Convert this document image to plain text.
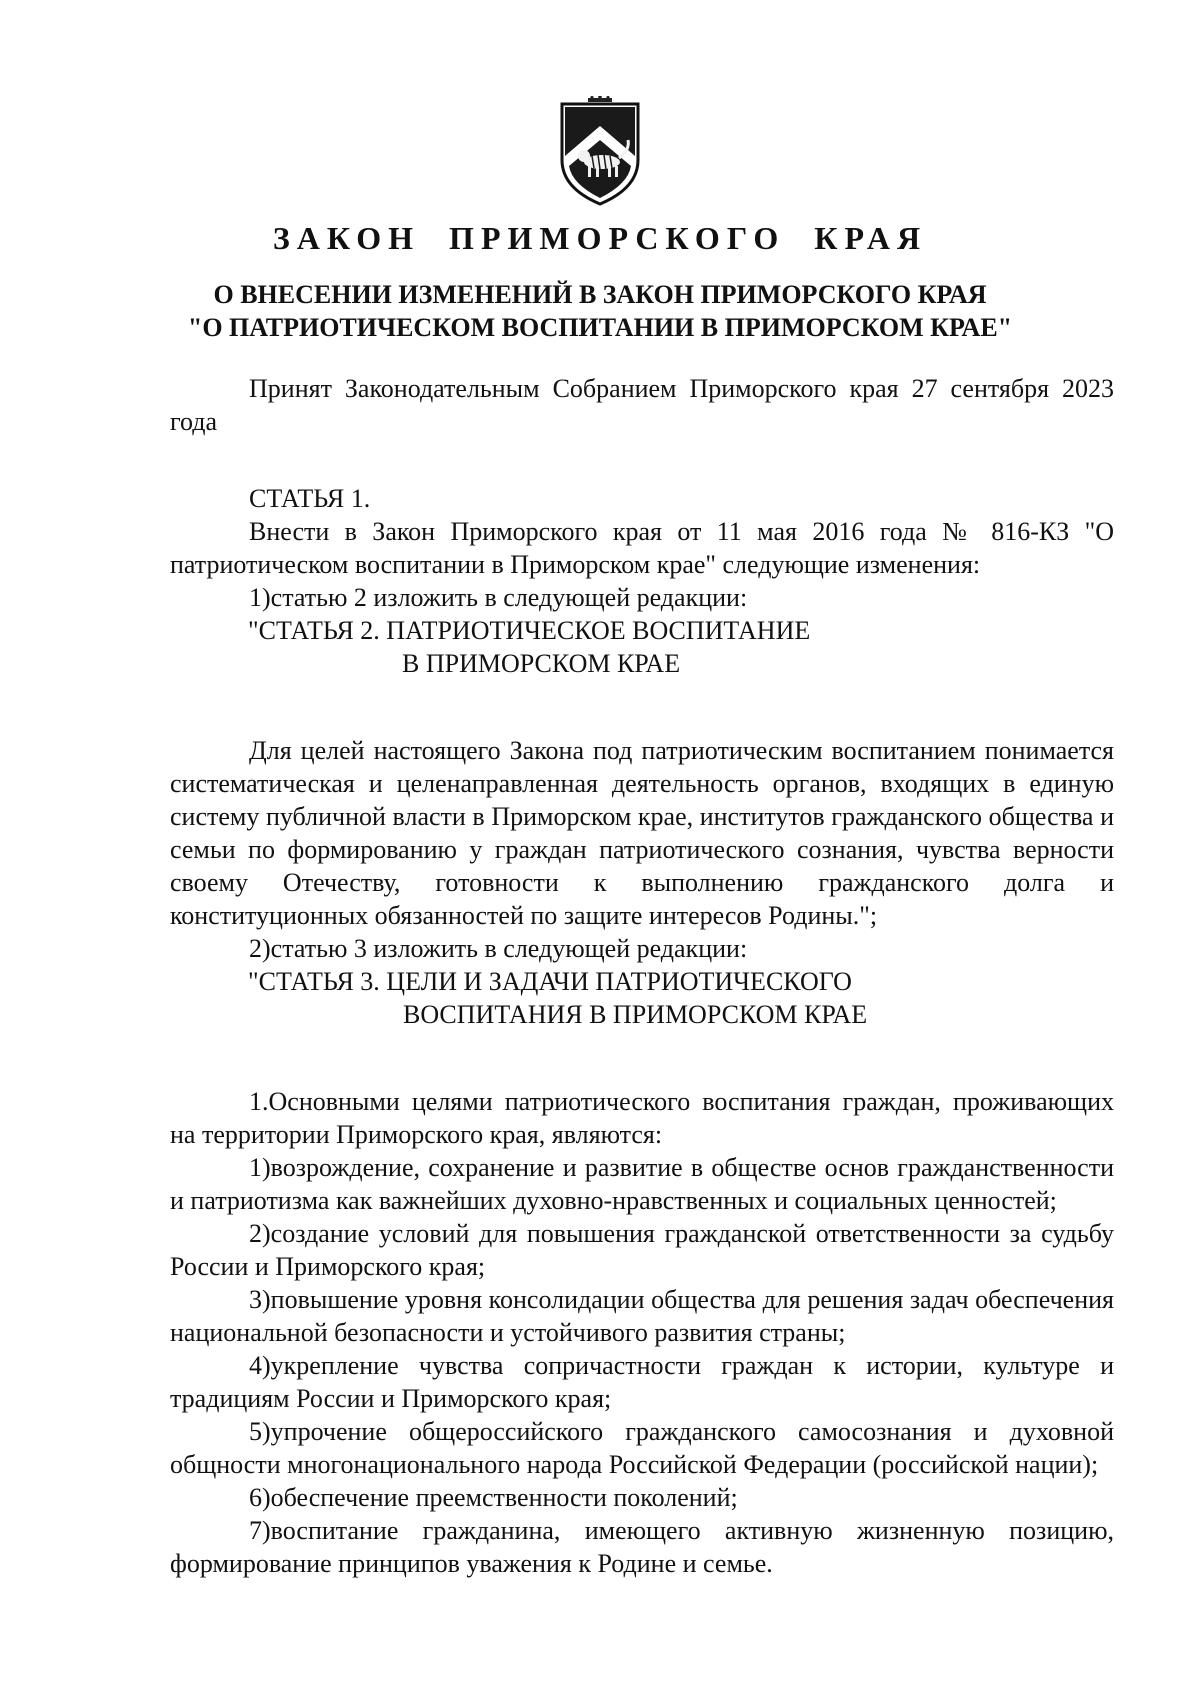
ЗАКОН ПРИМОРСКОГО КРАЯ
О ВНЕСЕНИИ ИЗМЕНЕНИЙ В ЗАКОН ПРИМОРСКОГО КРАЯ
"О ПАТРИОТИЧЕСКОМ ВОСПИТАНИИ В ПРИМОРСКОМ КРАЕ"

Принят Законодательным Собранием Приморского края 27 сентября 2023 года

СТАТЬЯ 1.

Внести в Закон Приморского края от 11 мая 2016 года № 816-КЗ "О патриотическом воспитании в Приморском крае" следующие изменения:

1)статью 2 изложить в следующей редакции:

"СТАТЬЯ 2. ПАТРИОТИЧЕСКОЕ ВОСПИТАНИЕ

В ПРИМОРСКОМ КРАЕ

Для целей настоящего Закона под патриотическим воспитанием понимается систематическая и целенаправленная деятельность органов, входящих в единую систему публичной власти в Приморском крае, институтов гражданского общества и семьи по формированию у граждан патриотического сознания, чувства верности своему Отечеству, готовности к выполнению гражданского долга и конституционных обязанностей по защите интересов Родины.";

2)статью 3 изложить в следующей редакции:

"СТАТЬЯ 3. ЦЕЛИ И ЗАДАЧИ ПАТРИОТИЧЕСКОГО

ВОСПИТАНИЯ В ПРИМОРСКОМ КРАЕ

1.Основными целями патриотического воспитания граждан, проживающих на территории Приморского края, являются:

1)возрождение, сохранение и развитие в обществе основ гражданственности и патриотизма как важнейших духовно-нравственных и социальных ценностей;

2)создание условий для повышения гражданской ответственности за судьбу России и Приморского края;

3)повышение уровня консолидации общества для решения задач обеспечения национальной безопасности и устойчивого развития страны;

4)укрепление чувства сопричастности граждан к истории, культуре и традициям России и Приморского края;

5)упрочение общероссийского гражданского самосознания и духовной общности многонационального народа Российской Федерации (российской нации);

6)обеспечение преемственности поколений;

7)воспитание гражданина, имеющего активную жизненную позицию, формирование принципов уважения к Родине и семье.
